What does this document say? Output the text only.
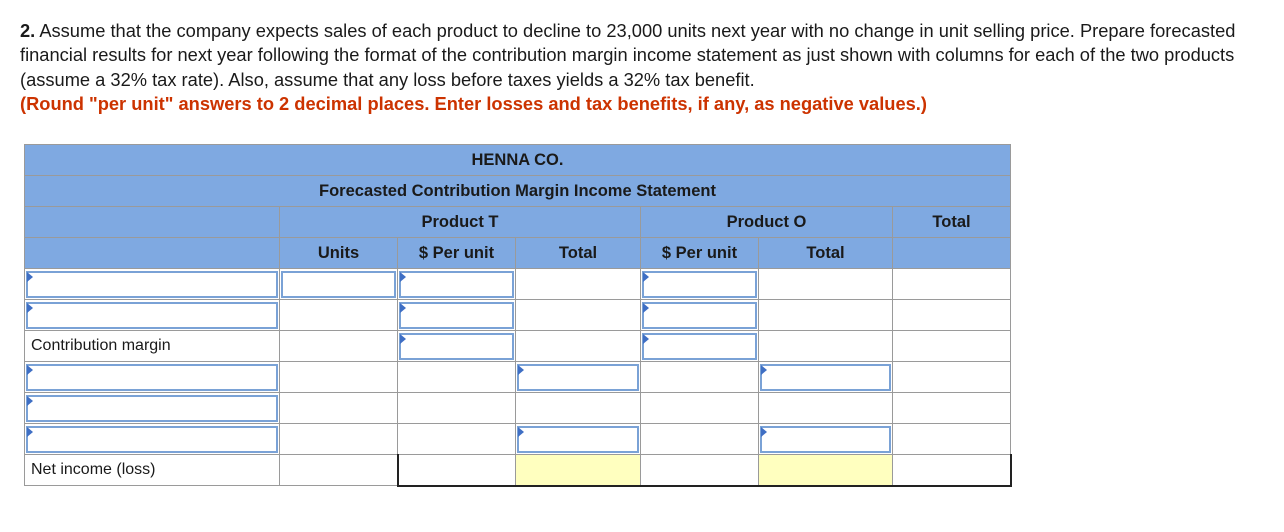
2. Assume that the company expects sales of each product to decline to 23,000 units next year with no change in unit selling price. Prepare forecasted financial results for next year following the format of the contribution margin income statement as just shown with columns for each of the two products (assume a 32% tax rate). Also, assume that any loss before taxes yields a 32% tax benefit.
(Round "per unit" answers to 2 decimal places. Enter losses and tax benefits, if any, as negative values.)
HENNA CO.						
Forecasted Contribution Margin Income Statement						
	Product T			Product O		Total
	Units	$ Per unit	Total	$ Per unit	Total	

Contribution margin		

Net income (loss)						
